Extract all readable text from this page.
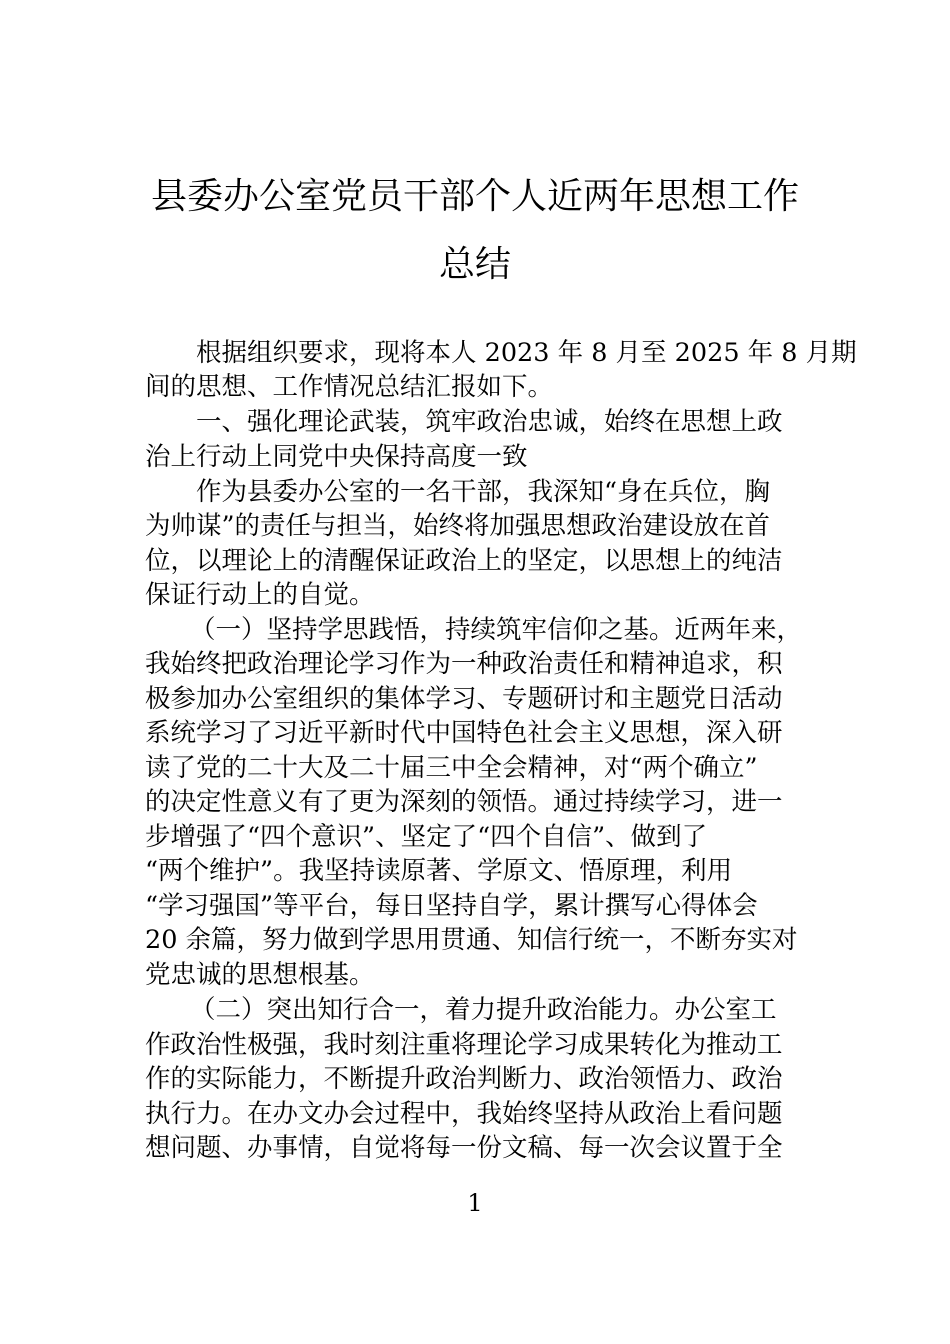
县委办公室党员干部个人近两年思想工作
总结
根据组织要求，现将本人 2023 年 8 月至 2025 年 8 月期
间的思想、工作情况总结汇报如下。
一、强化理论武装，筑牢政治忠诚，始终在思想上政
治上行动上同党中央保持高度一致
作为县委办公室的一名干部，我深知“身在兵位，胸
为帅谋”的责任与担当，始终将加强思想政治建设放在首
位，以理论上的清醒保证政治上的坚定，以思想上的纯洁
保证行动上的自觉。
（一）坚持学思践悟，持续筑牢信仰之基。近两年来，
我始终把政治理论学习作为一种政治责任和精神追求，积
极参加办公室组织的集体学习、专题研讨和主题党日活动
系统学习了习近平新时代中国特色社会主义思想，深入研
读了党的二十大及二十届三中全会精神，对“两个确立”
的决定性意义有了更为深刻的领悟。通过持续学习，进一
步增强了“四个意识”、坚定了“四个自信”、做到了
“两个维护”。我坚持读原著、学原文、悟原理，利用
“学习强国”等平台，每日坚持自学，累计撰写心得体会
20 余篇，努力做到学思用贯通、知信行统一，不断夯实对
党忠诚的思想根基。
（二）突出知行合一，着力提升政治能力。办公室工
作政治性极强，我时刻注重将理论学习成果转化为推动工
作的实际能力，不断提升政治判断力、政治领悟力、政治
执行力。在办文办会过程中，我始终坚持从政治上看问题
想问题、办事情，自觉将每一份文稿、每一次会议置于全
1
